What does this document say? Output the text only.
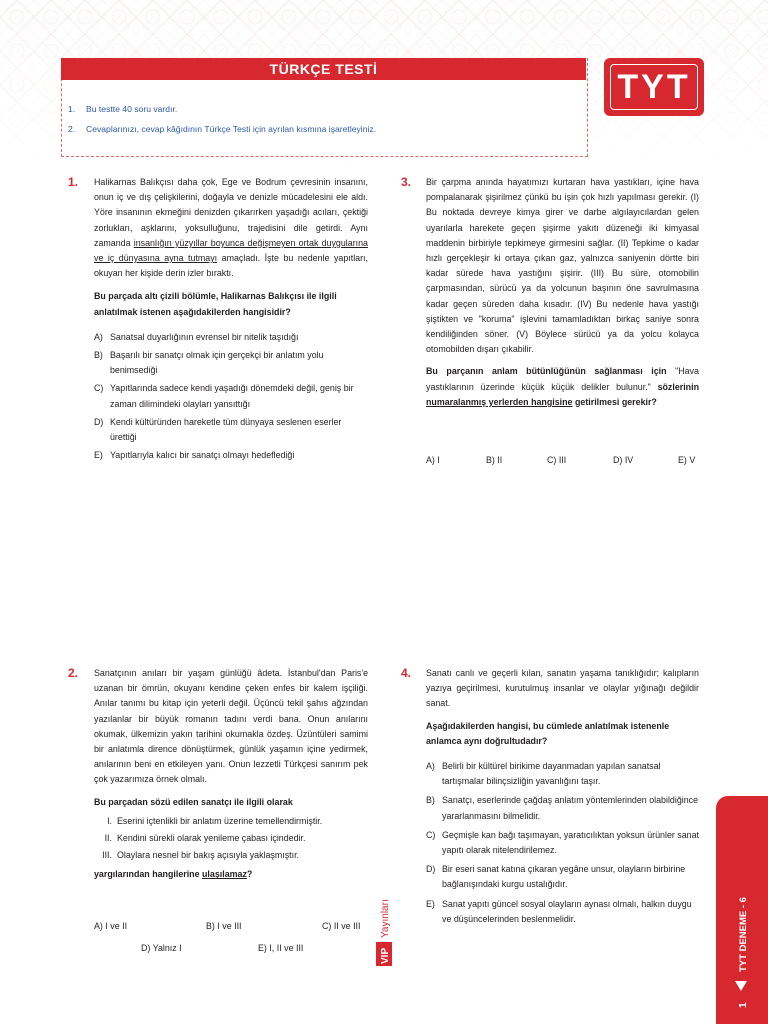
TÜRKÇE TESTİ
1. Bu testte 40 soru vardır.
2. Cevaplarınızı, cevap kâğıdının Türkçe Testi için ayrılan kısmına işaretleyiniz.
TYT
1. Halikarnas Balıkçısı daha çok, Ege ve Bodrum çevresinin insanını, onun iç ve dış çelişkilerini, doğayla ve denizle mücadelesini ele aldı. Yöre insanının ekmeğini denizden çıkarırken yaşadığı acıları, çektiği zorlukları, aşklarını, yoksulluğunu, trajedisini dile getirdi. Aynı zamanda insanlığın yüzyıllar boyunca değişmeyen ortak duygularına ve iç dünyasına ayna tutmayı amaçladı. İşte bu nedenle yapıtları, okuyan her kişide derin izler bıraktı.

Bu parçada altı çizili bölümle, Halikarnas Balıkçısı ile ilgili anlatılmak istenen aşağıdakilerden hangisidir?

A) Sanatsal duyarlığının evrensel bir nitelik taşıdığı

B) Başarılı bir sanatçı olmak için gerçekçi bir anlatım yolu benimsediği

C) Yapıtlarında sadece kendi yaşadığı dönemdeki değil, geniş bir zaman dilimindeki olayları yansıttığı

D) Kendi kültüründen hareketle tüm dünyaya seslenen eserler ürettiği

E) Yapıtlarıyla kalıcı bir sanatçı olmayı hedeflediği

2. Sanatçının anıları bir yaşam günlüğü âdeta. İstanbul'dan Paris'e uzanan bir ömrün, okuyanı kendine çeken enfes bir kalem işçiliği. Anılar tanımı bu kitap için yeterli değil. Üçüncü tekil şahıs ağzından yazılanlar bir büyük romanın tadını verdi bana. Onun anılarını okumak, ülkemizin yakın tarihini okumakla özdeş. Üzüntüleri samimi bir anlatımla dirence dönüştürmek, günlük yaşamın içine yedirmek, anılarının beni en etkileyen yanı. Onun lezzetli Türkçesi sanırım pek çok yazarımıza örnek olmalı.

Bu parçadan sözü edilen sanatçı ile ilgili olarak

I. Eserini içtenlikli bir anlatım üzerine temellendirmiştir.

II. Kendini sürekli olarak yenileme çabası içindedir.

III. Olaylara nesnel bir bakış açısıyla yaklaşmıştır.

yargılarından hangilerine ulaşılamaz?

A) I ve II	B) I ve III	C) II ve III
D) Yalnız I	E) I, II ve III
3. Bir çarpma anında hayatımızı kurtaran hava yastıkları, içine hava pompalanarak şişirilmez çünkü bu işin çok hızlı yapılması gerekir. (I) Bu noktada devreye kimya girer ve darbe algılayıcılardan gelen uyarılarla harekete geçen şişirme yakıtı düzeneği iki kimyasal maddenin birbiriyle tepkimeye girmesini sağlar. (II) Tepkime o kadar hızlı gerçekleşir ki ortaya çıkan gaz, yalnızca saniyenin dörtte biri kadar sürede hava yastığını şişirir. (III) Bu süre, otomobilin çarpmasından, sürücü ya da yolcunun başının öne savrulmasına kadar geçen süreden daha kısadır. (IV) Bu nedenle hava yastığı şiştikten ve "koruma" işlevini tamamladıktan birkaç saniye sonra kendiliğinden söner. (V) Böylece sürücü ya da yolcu kolayca otomobilden dışarı çıkabilir.

Bu parçanın anlam bütünlüğünün sağlanması için "Hava yastıklarının üzerinde küçük küçük delikler bulunur." sözlerinin numaralanmış yerlerden hangisine getirilmesi gerekir?

A) I	B) II	C) III	D) IV	E) V
4. Sanatı canlı ve geçerli kılan, sanatın yaşama tanıklığıdır; kalıpların yazıya geçirilmesi, kurutulmuş insanlar ve olaylar yığınağı değildir sanat.

Aşağıdakilerden hangisi, bu cümlede anlatılmak istenenle anlamca aynı doğrultudadır?

A) Belirli bir kültürel birikime dayanmadan yapılan sanatsal tartışmalar bilinçsizliğin yavanlığını taşır.

B) Sanatçı, eserlerinde çağdaş anlatım yöntemlerinden olabildiğince yararlanmasını bilmelidir.

C) Geçmişle kan bağı taşımayan, yaratıcılıktan yoksun ürünler sanat yapıtı olarak nitelendirilemez.

D) Bir eseri sanat katına çıkaran yegâne unsur, olayların birbirine bağlanışındaki kurgu ustalığıdır.

E) Sanat yapıtı güncel sosyal olayların aynası olmalı, halkın duygu ve düşüncelerinden beslenmelidir.

VIP
Yayınları	TYT DENEME - 6
1
